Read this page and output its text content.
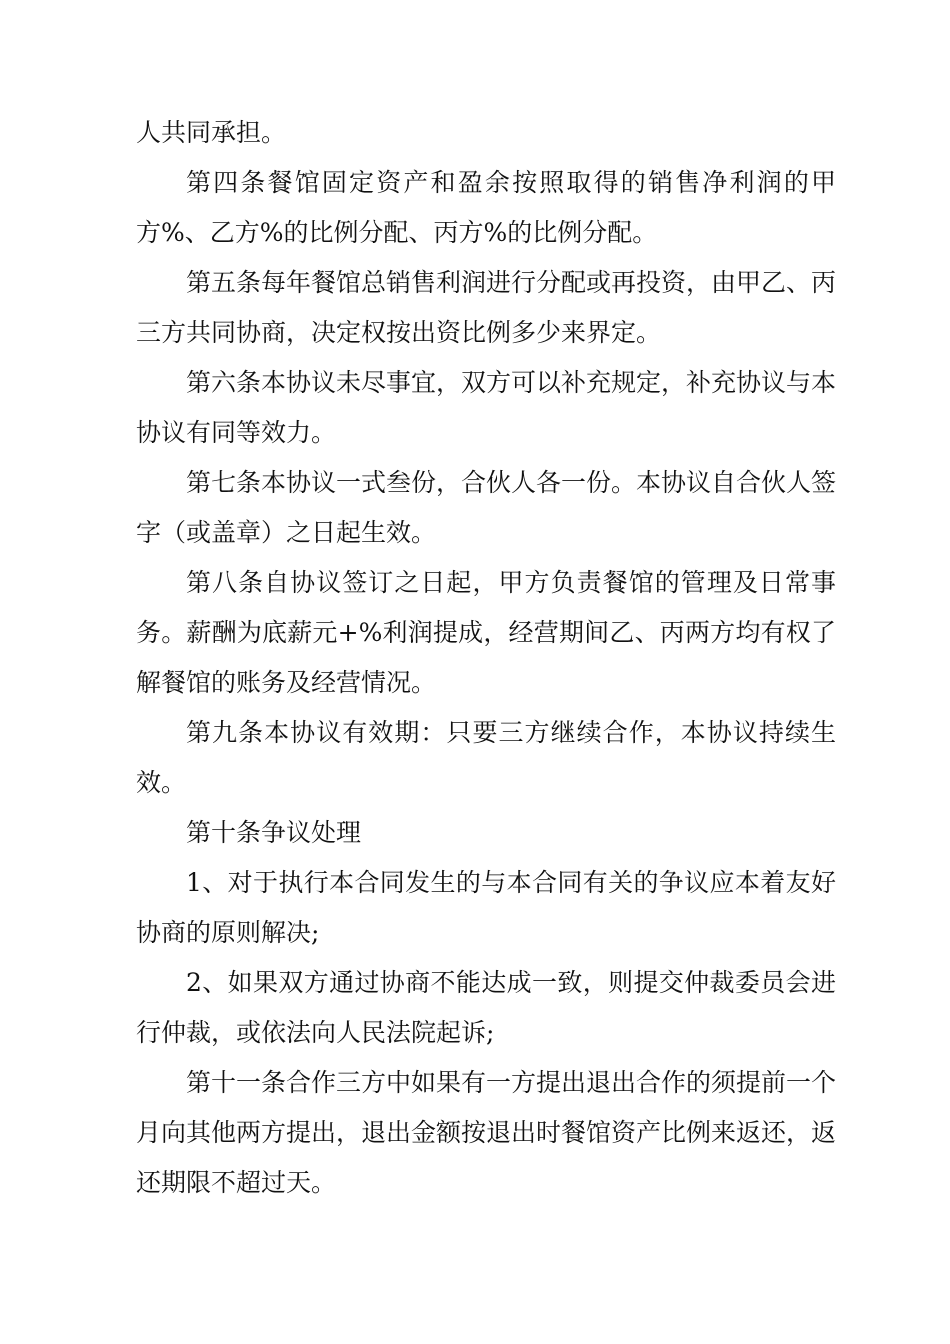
人共同承担。

第四条餐馆固定资产和盈余按照取得的销售净利润的甲方%、乙方%的比例分配、丙方%的比例分配。

第五条每年餐馆总销售利润进行分配或再投资，由甲乙、丙三方共同协商，决定权按出资比例多少来界定。

第六条本协议未尽事宜，双方可以补充规定，补充协议与本协议有同等效力。

第七条本协议一式叁份，合伙人各一份。本协议自合伙人签字（或盖章）之日起生效。

第八条自协议签订之日起，甲方负责餐馆的管理及日常事务。薪酬为底薪元+%利润提成，经营期间乙、丙两方均有权了解餐馆的账务及经营情况。

第九条本协议有效期：只要三方继续合作，本协议持续生效。

第十条争议处理

1、对于执行本合同发生的与本合同有关的争议应本着友好协商的原则解决;

2、如果双方通过协商不能达成一致，则提交仲裁委员会进行仲裁，或依法向人民法院起诉;

第十一条合作三方中如果有一方提出退出合作的须提前一个月向其他两方提出，退出金额按退出时餐馆资产比例来返还，返还期限不超过天。
